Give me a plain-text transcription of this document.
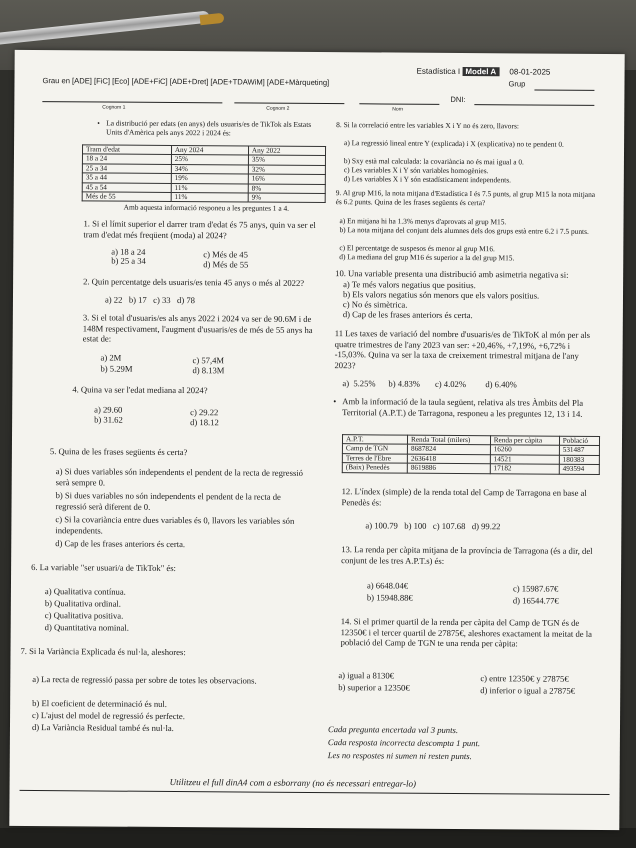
Estadística I Model A 08-01-2025
Grau en [ADE] [FiC] [Eco] [ADE+FiC] [ADE+Dret] [ADE+TDAWiM] [ADE+Màrqueting]	Grup
DNI:
Cognom 1	Cognom 2	Nom
• La distribució per edats (en anys) dels usuaris/es de TikTok als Estats Units d'Amèrica pels anys 2022 i 2024 és:
Tram d'edat	Any 2024	Any 2022
18 a 24	25%	35%
25 a 34	34%	32%
35 a 44	19%	16%
45 a 54	11%	8%
Més de 55	11%	9%
Amb aquesta informació responeu a les preguntes 1 a 4.
1. Si el límit superior el darrer tram d'edat és 75 anys, quin va ser el tram d'edat més freqüent (moda) al 2024?
a) 18 a 24
b) 25 a 34
c) Més de 45
d) Més de 55
2. Quin percentatge dels usuaris/es tenia 45 anys o més al 2022?
a) 22   b) 17   c) 33   d) 78
3. Si el total d'usuaris/es als anys 2022 i 2024 va ser de 90.6M i de 148M respectivament, l'augment d'usuaris/es de més de 55 anys ha estat de:
a) 2M
b) 5.29M
c) 57,4M
d) 8.13M
4. Quina va ser l'edat mediana al 2024?
a) 29.60
b) 31.62
c) 29.22
d) 18.12
5. Quina de les frases següents és certa?
a) Si dues variables són independents el pendent de la recta de regressió serà sempre 0.
b) Si dues variables no són independents el pendent de la recta de regressió serà diferent de 0.
c) Si la covariància entre dues variables és 0, llavors les variables són independents.
d) Cap de les frases anteriors és certa.
6. La variable "ser usuari/a de TikTok" és:
a) Qualitativa contínua.
b) Qualitativa ordinal.
c) Qualitativa positiva.
d) Quantitativa nominal.
7. Si la Variància Explicada és nul·la, aleshores:
a) La recta de regressió passa per sobre de totes les observacions.
b) El coeficient de determinació és nul.
c) L'ajust del model de regressió és perfecte.
d) La Variància Residual també és nul·la.
8. Si la correlació entre les variables X i Y no és zero, llavors:
a) La regressió lineal entre Y (explicada) i X (explicativa) no te pendent 0.
b) Sxy està mal calculada: la covariància no és mai igual a 0.
c) Les variables X i Y són variables homogènies.
d) Les variables X i Y són estadísticament independents.
9. Al grup M16, la nota mitjana d'Estadística I és 7.5 punts, al grup M15 la nota mitjana és 6.2 punts. Quina de les frases següents és certa?
a) En mitjana hi ha 1.3% menys d'aprovats al grup M15.
b) La nota mitjana del conjunt dels alumnes dels dos grups està entre 6.2 i 7.5 punts.
c) El percentatge de suspesos és menor al grup M16.
d) La mediana del grup M16 és superior a la del grup M15.
10. Una variable presenta una distribució amb asimetria negativa si:
a) Te més valors negatius que positius.
b) Els valors negatius són menors que els valors positius.
c) No és simètrica.
d) Cap de les frases anteriors és certa.
11 Les taxes de variació del nombre d'usuaris/es de TikToK al món per als quatre trimestres de l'any 2023 van ser: +20,46%, +7,19%, +6,72% i -15,03%. Quina va ser la taxa de creixement trimestral mitjana de l'any 2023?
a)  5.25%      b) 4.83%       c) 4.02%         d) 6.40%
• Amb la informació de la taula següent, relativa als tres Àmbits del Pla Territorial (A.P.T.) de Tarragona, responeu a les preguntes 12, 13 i 14.
A.P.T.	Renda Total (milers)	Renda per càpita	Població
Camp de TGN	8687824	16260	531487
Terres de l'Ebre	2636418	14521	180383
(Baix) Penedès	8619886	17182	493594
12. L'índex (simple) de la renda total del Camp de Tarragona en base al Penedès és:
a) 100.79   b) 100   c) 107.68   d) 99.22
13. La renda per càpita mitjana de la província de Tarragona (és a dir, del conjunt de les tres A.P.T.s) és:
a) 6648.04€
b) 15948.88€
c) 15987.67€
d) 16544.77€
14. Si el primer quartil de la renda per càpita del Camp de TGN és de 12350€ i el tercer quartil de 27875€, aleshores exactament la meitat de la població del Camp de TGN te una renda per càpita:
a) igual a 8130€
b) superior a 12350€
c) entre 12350€ y 27875€
d) inferior o igual a 27875€
Cada pregunta encertada val 3 punts.
Cada resposta incorrecta descompta 1 punt.
Les no respostes ni sumen ni resten punts.
Utilitzeu el full dinA4 com a esborrany (no és necessari entregar-lo)
